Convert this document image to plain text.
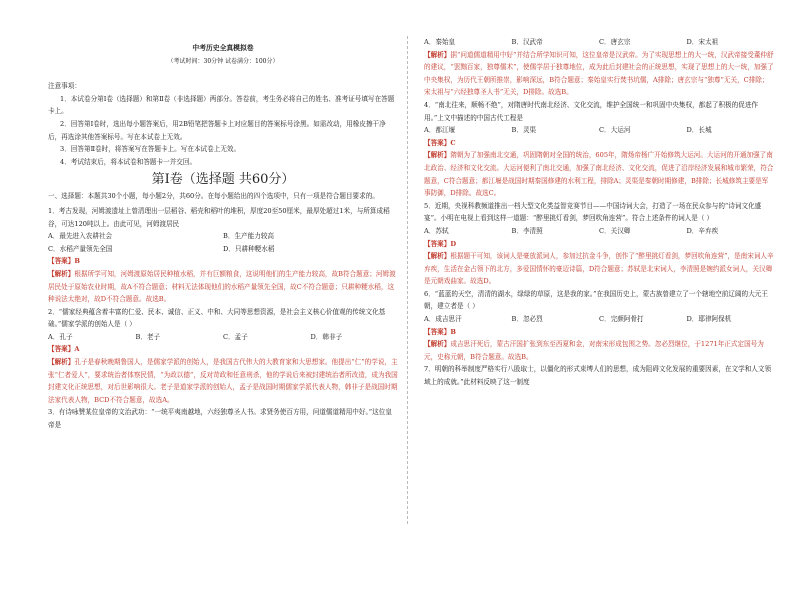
中考历史全真模拟卷

（考试时间：30分钟 试卷满分：100分）

注意事项：

1．本试卷分第Ⅰ卷（选择题）和第Ⅱ卷（非选择题）两部分。答卷前，考生务必将自己的姓名、准考证号填写在答题卡上。

2．回答第Ⅰ卷时，选出每小题答案后，用2B铅笔把答题卡上对应题目的答案标号涂黑。如需改动，用橡皮擦干净后，再选涂其他答案标号。写在本试卷上无效。

3．回答第Ⅱ卷时，将答案写在答题卡上。写在本试卷上无效。

4．考试结束后，将本试卷和答题卡一并交回。

第Ⅰ卷（选择题 共60分）

一、选择题：本题共30个小题，每小题2分，共60分。在每小题给出的四个选项中，只有一项是符合题目要求的。

1．考古发现，河姆渡遗址上曾清理出一层稻谷、稻壳和稻叶的堆积，厚度20至50厘米，最厚处超过1米，与所算成稻谷，可达120吨以上。由此可见，河姆渡居民

A．最先进入农耕社会	B．生产能力较高
C．水稻产量领先全国	D．只耕种粳水稻

【答案】B

【解析】根据所学可知，河姆渡原始居民种植水稻，并有巨额粮食，这说明他们的生产能力较高，故B符合题意；河姆渡居民处于原始农业时期，故A不符合题意；材料无法体现他们的水稻产量领先全国，故C不符合题意；只耕种粳水稻，这种说法太绝对，故D不符合题意。故选B。

2．“儒家经典蕴含着丰富的仁爱、民本、诚信、正义、中和、大同等思想资源，是社会主义核心价值观的传统文化基础。”儒家学派的创始人是（ ）

A．孔子	B．老子	C．孟子	D．韩非子

【答案】A

【解析】孔子是春秋晚期鲁国人，是儒家学派的创始人，是我国古代伟大的大教育家和大思想家。他提出“仁”的学说，主张“仁者爱人”，要求统治者体察民情，“为政以德”，反对苛政和任意刑杀，他的学说后来被封建统治者所改造，成为我国封建文化正统思想，对后世影响很大。老子是道家学派的创始人，孟子是战国时期儒家学派代表人物，韩非子是战国时期法家代表人物，BCD不符合题意，故选A。

3．有诗咏赞某位皇帝的文治武功：“一统平夷南越地，六经独尊圣人书。求贤务使百方用，问道儒道精用中好。”这位皇帝是

A．秦始皇	B．汉武帝	C．唐玄宗	D．宋太祖

【解析】据“问道儒道精用中好”并结合所学知识可知，这位皇帝是汉武帝。为了实现思想上的大一统，汉武帝接受董仲舒的建议，“罢黜百家，独尊儒术”，使儒学居于独尊地位，成为此后封建社会的正统思想，实现了思想上的大一统，加强了中央集权，为历代王朝所推崇，影响深远，B符合题意；秦始皇实行焚书坑儒，A排除；唐玄宗与“独尊”无关，C排除；宋太祖与“六经独尊圣人书”无关，D排除。故选B。

4．“南北往来，顺畅不绝”，对隋唐时代南北经济、文化交流，维护全国统一和巩固中央集权，都起了积极的促进作用。”上文中描述的中国古代工程是

A．都江堰	B．灵渠	C．大运河	D．长城

【答案】C

【解析】隋朝为了加强南北交通，巩固隋朝对全国的统治，605年，隋炀帝杨广开始修筑大运河。大运河的开通加强了南北政治、经济和文化交流。大运河便利了南北交通，加强了南北经济、文化交流，促进了沿岸经济发展和城市繁荣，符合题意，C符合题意；都江堰是战国时期秦国修建的水利工程，排除A；灵渠是秦朝时期修建，B排除；长城修筑主要是军事防御，D排除。故选C。

5．近期，央视科教频道推出一档大型文化类益智竞赛节目——中国诗词大会，打造了一场在民众参与的“诗词文化盛宴”。小明在电视上看到这样一道题：“醉里挑灯看剑，梦回吹角连营”。符合上述条件的词人是（ ）

A．苏轼	B．李清照	C．关汉卿	D．辛弃疾

【答案】D

【解析】根据题干可知，该词人是豪放派词人，参加过抗金斗争，创作了“醉里挑灯看剑，梦回吹角连营”，是南宋词人辛弃疾，生活在金占领下的北方，多爱国情怀的豪迈诗篇，D符合题意；苏轼是北宋词人，李清照是婉约派女词人，关汉卿是元朝戏曲家。故选D。

6．“蓝蓝的天空，清清的湖水，绿绿的草原，这是我的家。”在我国历史上，蒙古族曾建立了一个辖地空前辽阔的大元王朝，建立者是（ ）

A．成吉思汗	B．忽必烈	C．完颜阿骨打	D．耶律阿保机

【答案】B

【解析】成吉思汗死后，蒙古汗国扩张到东至西夏和金，对南宋形成包围之势。忽必烈继位，于1271年正式定国号为元，史称元朝，B符合题意。故选B。

7．明朝的科举制度严格实行八股取士，以僵化的形式束缚人们的思想，成为阻碍文化发展的重要因素，在文学和人文领域上的成就。”此材料反映了这一制度
